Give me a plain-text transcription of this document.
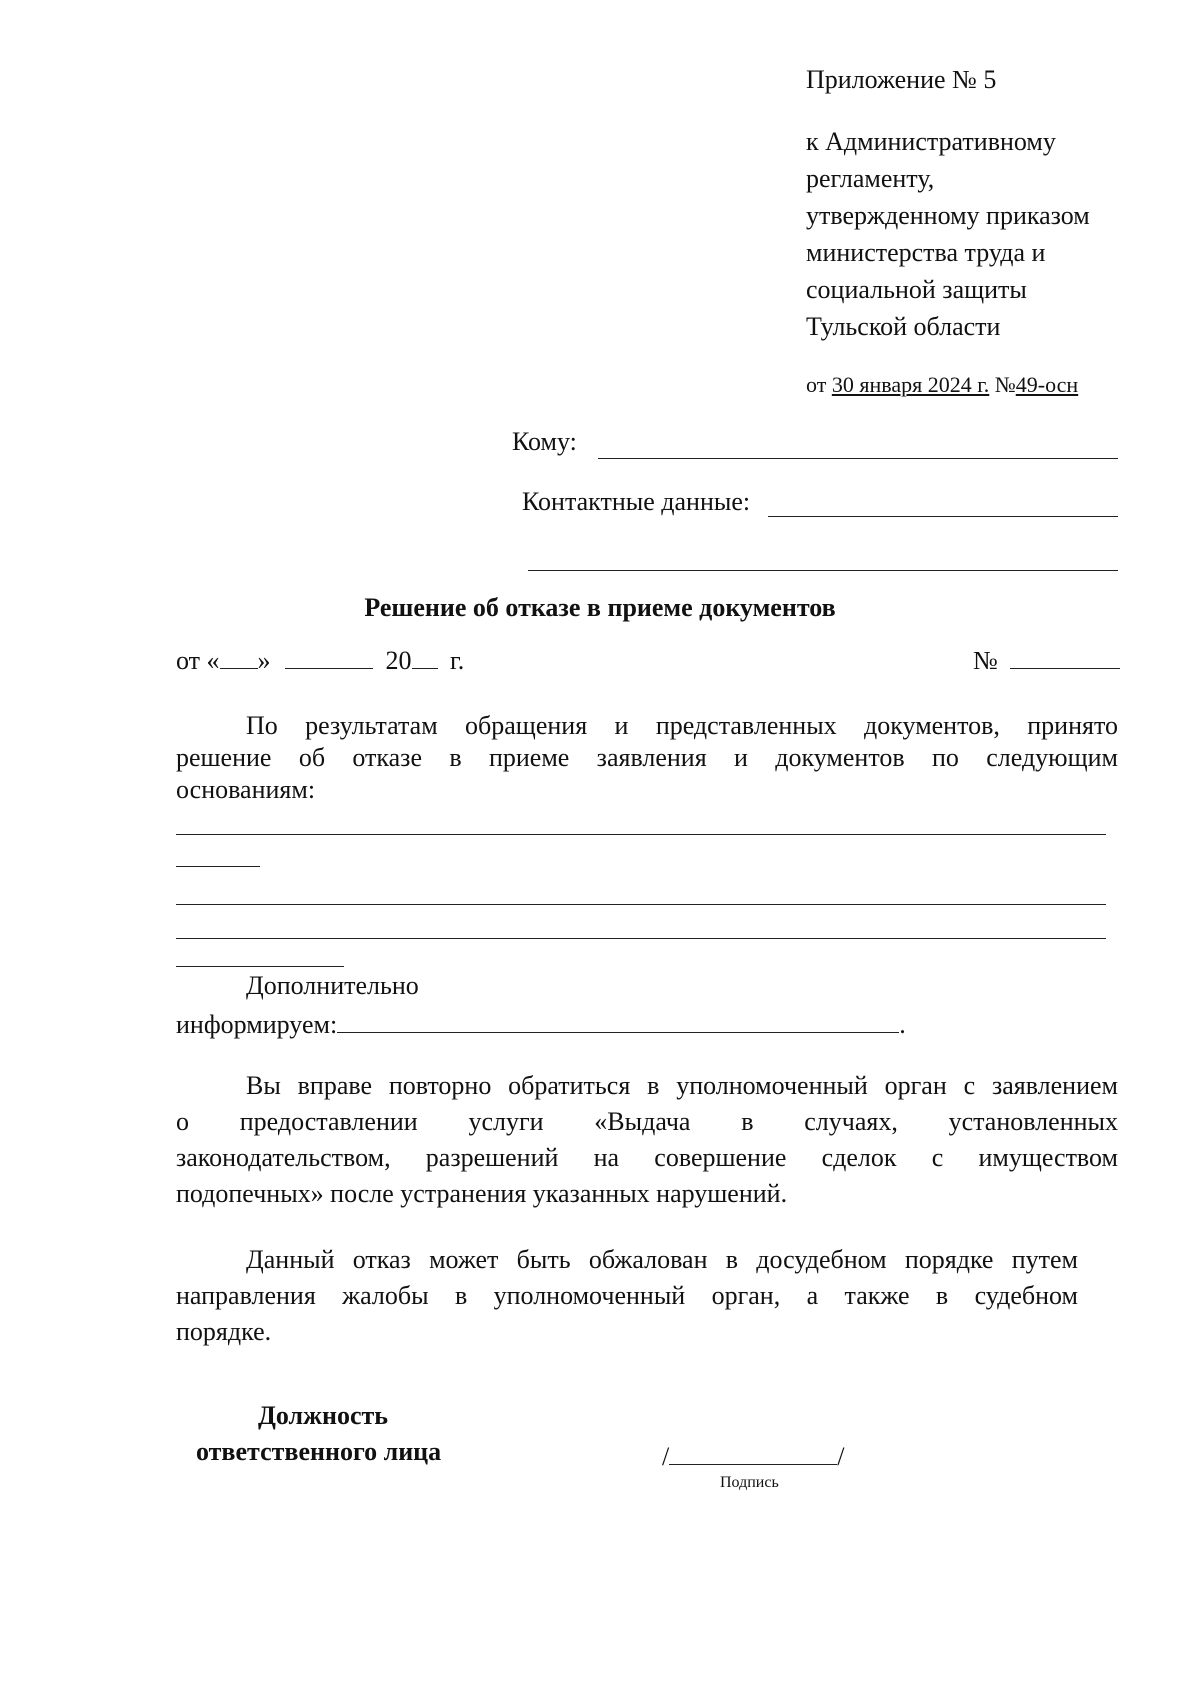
Приложение № 5
к Административному
регламенту,
утвержденному приказом
министерства труда и
социальной защиты
Тульской области
от 30 января 2024 г. №49-осн
Кому:
Контактные данные:
Решение об отказе в приеме документов
от « »	20 г.	№
По результатам обращения и представленных документов, принято
решение об отказе в приеме заявления и документов по следующим
основаниям:
Дополнительно
информируем:	.
Вы вправе повторно обратиться в уполномоченный орган с заявлением
о предоставлении услуги «Выдача в случаях, установленных
законодательством, разрешений на совершение сделок с имуществом
подопечных» после устранения указанных нарушений.
Данный отказ может быть обжалован в досудебном порядке путем
направления жалобы в уполномоченный орган, а также в судебном
порядке.
Должность
ответственного лица	/	/
Подпись
